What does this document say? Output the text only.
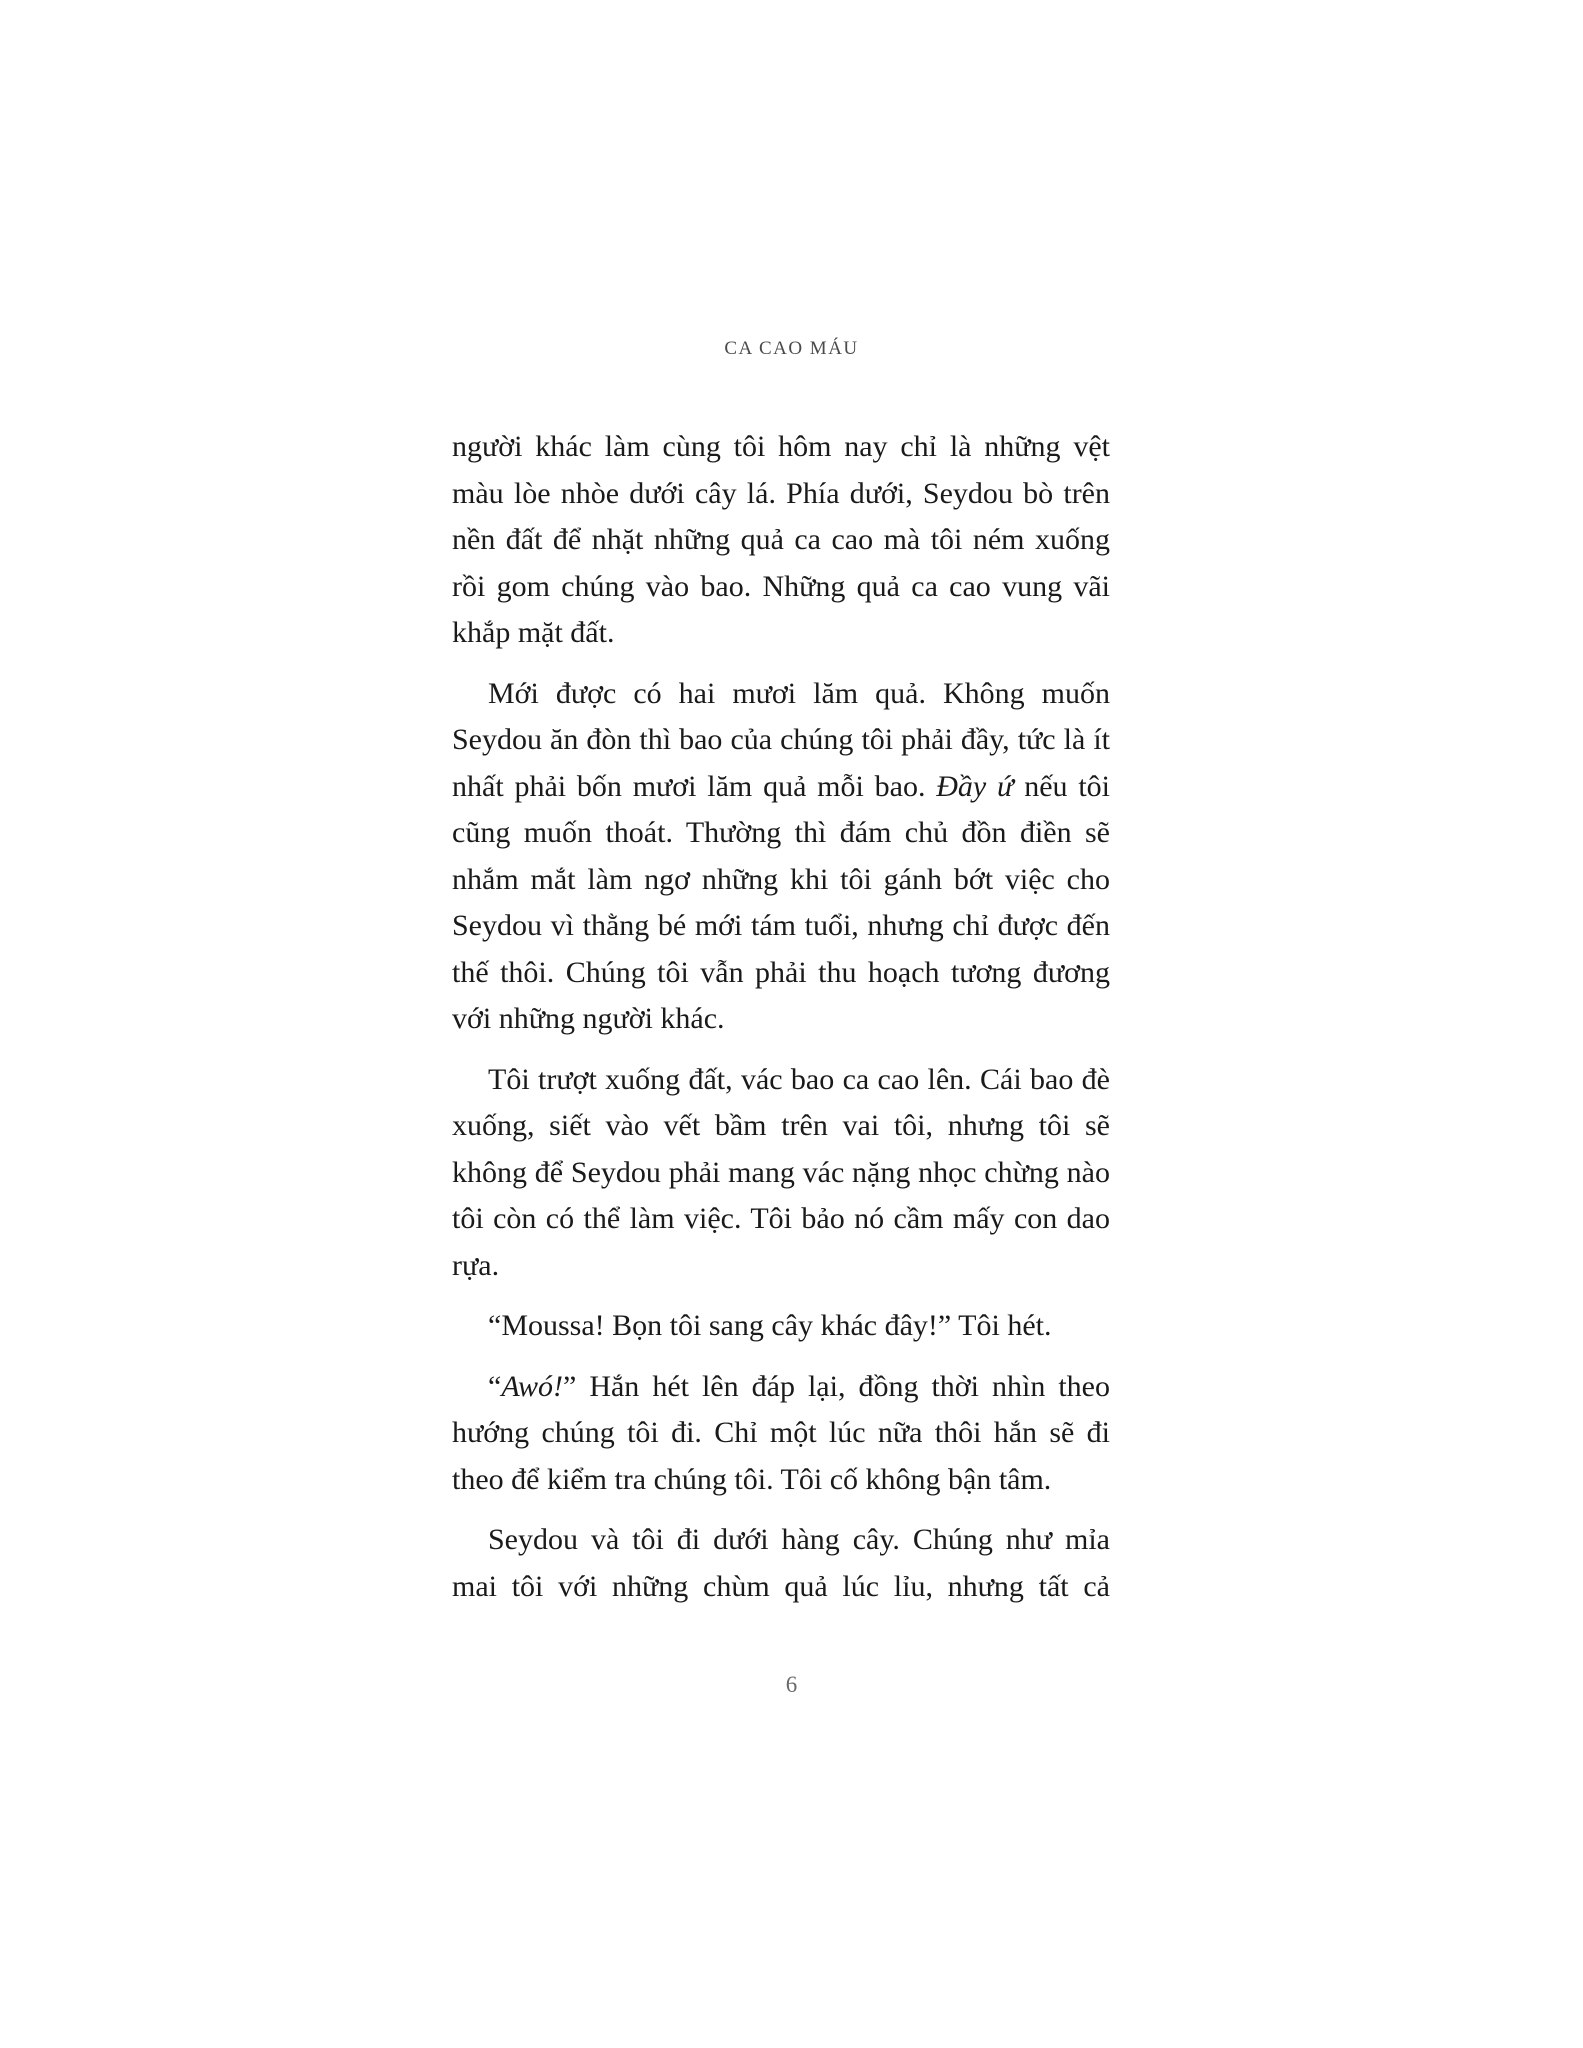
CA CAO MÁU

người khác làm cùng tôi hôm nay chỉ là những vệt màu lòe nhòe dưới cây lá. Phía dưới, Seydou bò trên nền đất để nhặt những quả ca cao mà tôi ném xuống rồi gom chúng vào bao. Những quả ca cao vung vãi khắp mặt đất.

Mới được có hai mươi lăm quả. Không muốn Seydou ăn đòn thì bao của chúng tôi phải đầy, tức là ít nhất phải bốn mươi lăm quả mỗi bao. Đầy ứ nếu tôi cũng muốn thoát. Thường thì đám chủ đồn điền sẽ nhắm mắt làm ngơ những khi tôi gánh bớt việc cho Seydou vì thằng bé mới tám tuổi, nhưng chỉ được đến thế thôi. Chúng tôi vẫn phải thu hoạch tương đương với những người khác.

Tôi trượt xuống đất, vác bao ca cao lên. Cái bao đè xuống, siết vào vết bầm trên vai tôi, nhưng tôi sẽ không để Seydou phải mang vác nặng nhọc chừng nào tôi còn có thể làm việc. Tôi bảo nó cầm mấy con dao rựa.

“Moussa! Bọn tôi sang cây khác đây!” Tôi hét.

“Awó!” Hắn hét lên đáp lại, đồng thời nhìn theo hướng chúng tôi đi. Chỉ một lúc nữa thôi hắn sẽ đi theo để kiểm tra chúng tôi. Tôi cố không bận tâm.

Seydou và tôi đi dưới hàng cây. Chúng như mỉa mai tôi với những chùm quả lúc lỉu, nhưng tất cả

6
